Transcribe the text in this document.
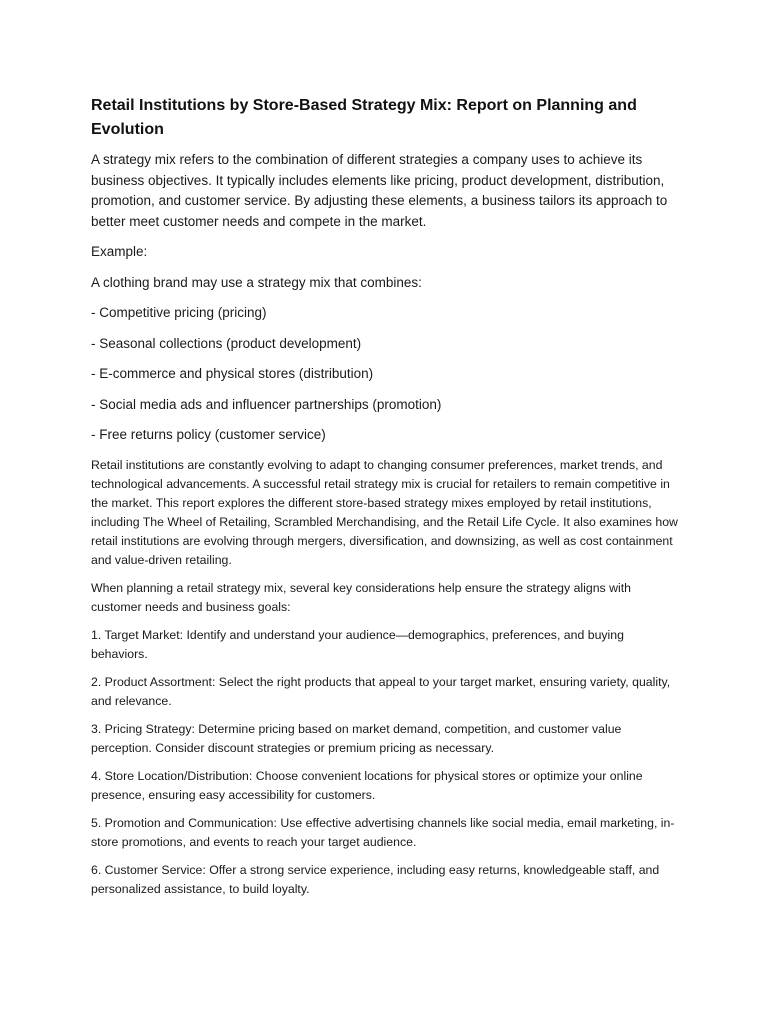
Retail Institutions by Store-Based Strategy Mix: Report on Planning and Evolution

A strategy mix refers to the combination of different strategies a company uses to achieve its business objectives. It typically includes elements like pricing, product development, distribution, promotion, and customer service. By adjusting these elements, a business tailors its approach to better meet customer needs and compete in the market.

Example:

A clothing brand may use a strategy mix that combines:

- Competitive pricing (pricing)

- Seasonal collections (product development)

- E-commerce and physical stores (distribution)

- Social media ads and influencer partnerships (promotion)

- Free returns policy (customer service)

Retail institutions are constantly evolving to adapt to changing consumer preferences, market trends, and technological advancements. A successful retail strategy mix is crucial for retailers to remain competitive in the market. This report explores the different store-based strategy mixes employed by retail institutions, including The Wheel of Retailing, Scrambled Merchandising, and the Retail Life Cycle. It also examines how retail institutions are evolving through mergers, diversification, and downsizing, as well as cost containment and value-driven retailing.

When planning a retail strategy mix, several key considerations help ensure the strategy aligns with customer needs and business goals:

1. Target Market: Identify and understand your audience—demographics, preferences, and buying behaviors.

2. Product Assortment: Select the right products that appeal to your target market, ensuring variety, quality, and relevance.

3. Pricing Strategy: Determine pricing based on market demand, competition, and customer value perception. Consider discount strategies or premium pricing as necessary.

4. Store Location/Distribution: Choose convenient locations for physical stores or optimize your online presence, ensuring easy accessibility for customers.

5. Promotion and Communication: Use effective advertising channels like social media, email marketing, in-store promotions, and events to reach your target audience.

6. Customer Service: Offer a strong service experience, including easy returns, knowledgeable staff, and personalized assistance, to build loyalty.
